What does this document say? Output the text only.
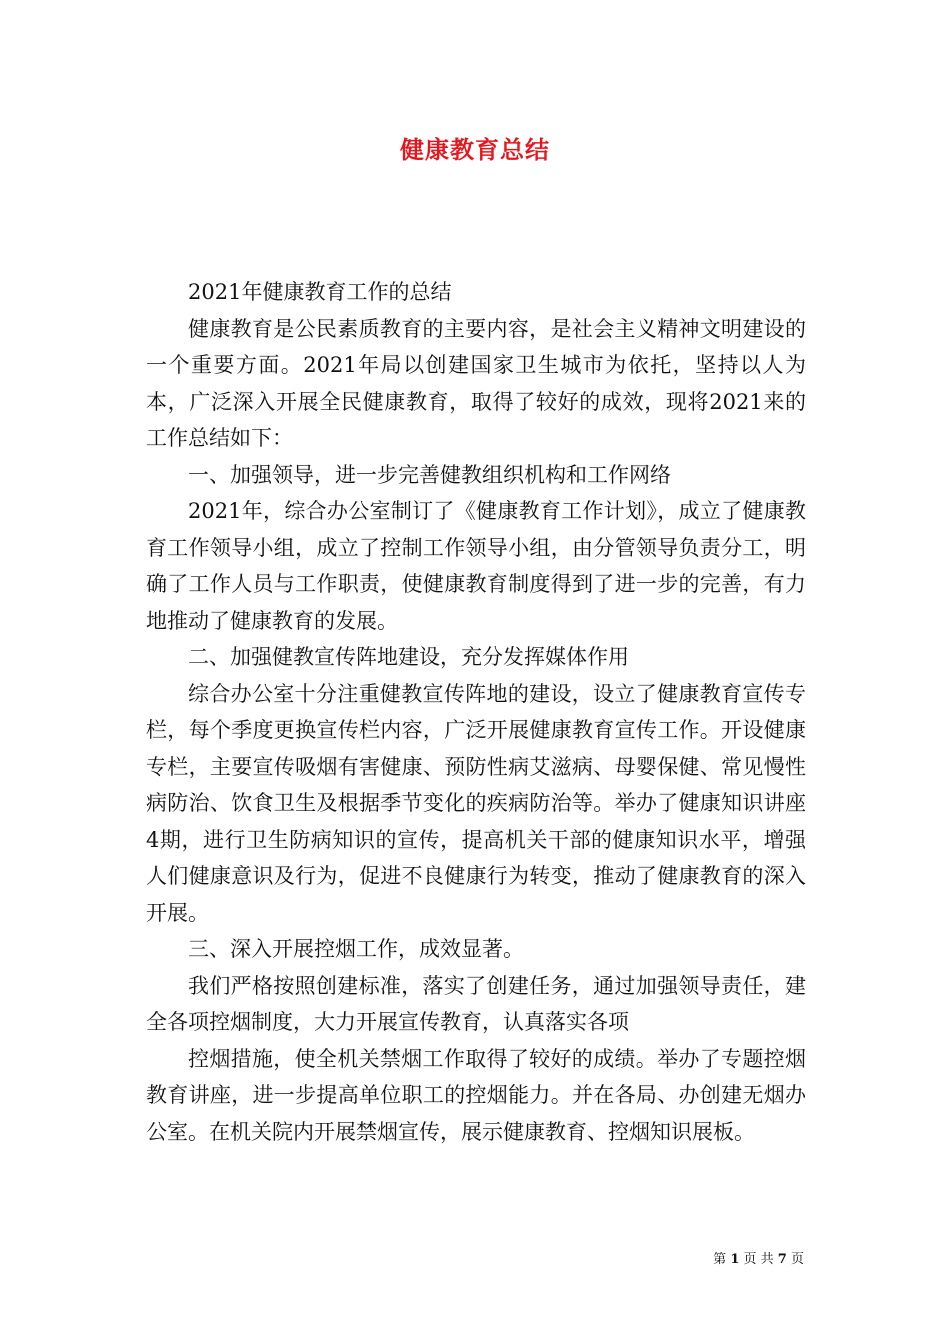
健康教育总结

2021年健康教育工作的总结

健康教育是公民素质教育的主要内容，是社会主义精神文明建设的一个重要方面。2021年局以创建国家卫生城市为依托，坚持以人为本，广泛深入开展全民健康教育，取得了较好的成效，现将2021来的工作总结如下：

一、加强领导，进一步完善健教组织机构和工作网络

2021年，综合办公室制订了《健康教育工作计划》，成立了健康教育工作领导小组，成立了控制工作领导小组，由分管领导负责分工，明确了工作人员与工作职责，使健康教育制度得到了进一步的完善，有力地推动了健康教育的发展。

二、加强健教宣传阵地建设，充分发挥媒体作用

综合办公室十分注重健教宣传阵地的建设，设立了健康教育宣传专栏，每个季度更换宣传栏内容，广泛开展健康教育宣传工作。开设健康专栏，主要宣传吸烟有害健康、预防性病艾滋病、母婴保健、常见慢性病防治、饮食卫生及根据季节变化的疾病防治等。举办了健康知识讲座4期，进行卫生防病知识的宣传，提高机关干部的健康知识水平，增强人们健康意识及行为，促进不良健康行为转变，推动了健康教育的深入开展。

三、深入开展控烟工作，成效显著。

我们严格按照创建标准，落实了创建任务，通过加强领导责任，建全各项控烟制度，大力开展宣传教育，认真落实各项

控烟措施，使全机关禁烟工作取得了较好的成绩。举办了专题控烟教育讲座，进一步提高单位职工的控烟能力。并在各局、办创建无烟办公室。在机关院内开展禁烟宣传，展示健康教育、控烟知识展板。

第 1 页 共 7 页
